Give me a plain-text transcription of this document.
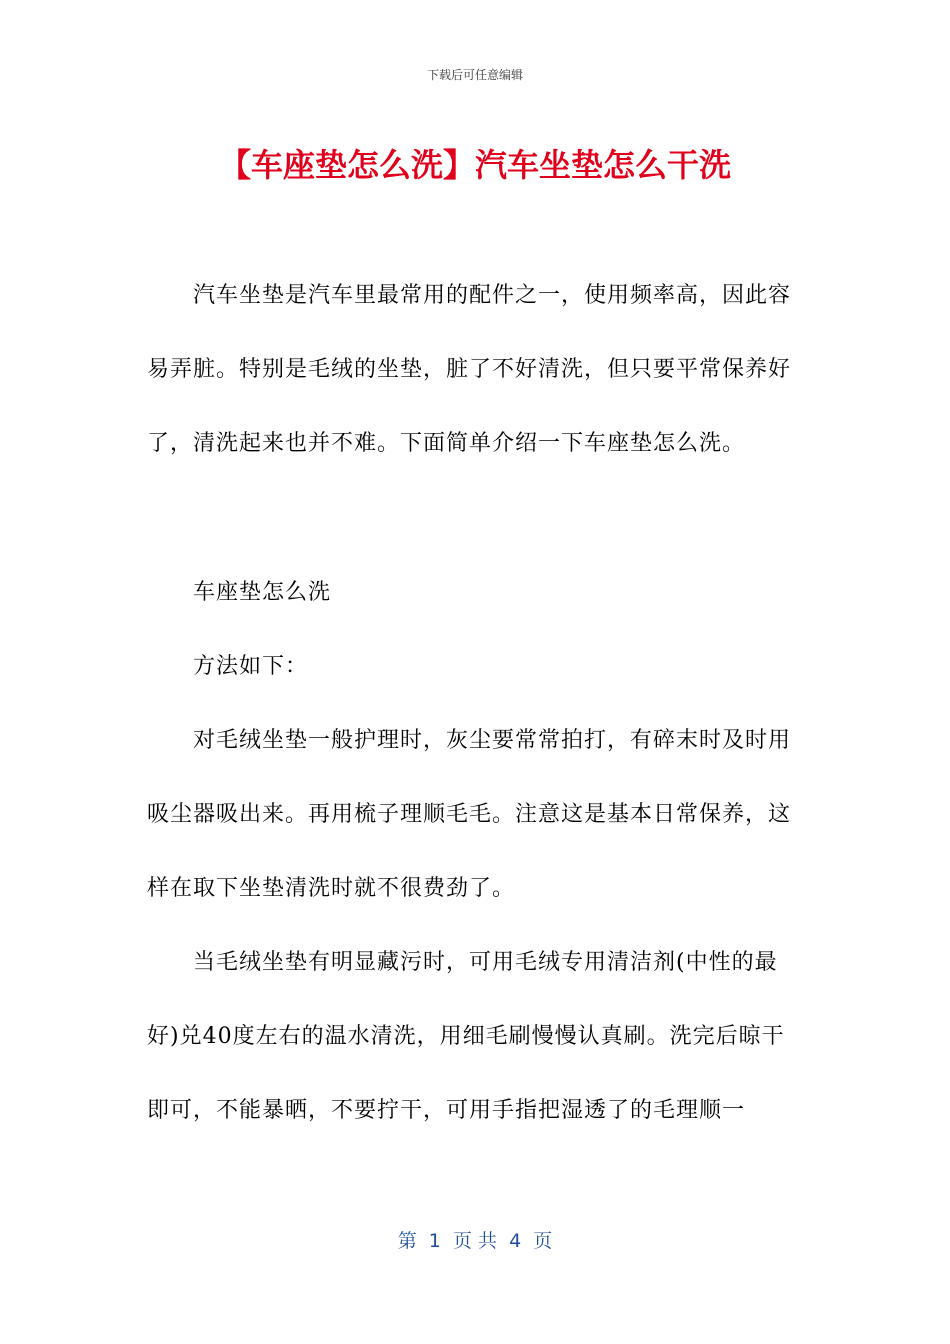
下载后可任意编辑
【车座垫怎么洗】汽车坐垫怎么干洗

汽车坐垫是汽车里最常用的配件之一，使用频率高，因此容易弄脏。特别是毛绒的坐垫，脏了不好清洗，但只要平常保养好了，清洗起来也并不难。下面简单介绍一下车座垫怎么洗。

车座垫怎么洗

方法如下：

对毛绒坐垫一般护理时，灰尘要常常拍打，有碎末时及时用吸尘器吸出来。再用梳子理顺毛毛。注意这是基本日常保养，这样在取下坐垫清洗时就不很费劲了。

当毛绒坐垫有明显藏污时，可用毛绒专用清洁剂(中性的最好)兑40度左右的温水清洗，用细毛刷慢慢认真刷。洗完后晾干即可，不能暴晒，不要拧干，可用手指把湿透了的毛理顺一

第  1  页 共  4  页
